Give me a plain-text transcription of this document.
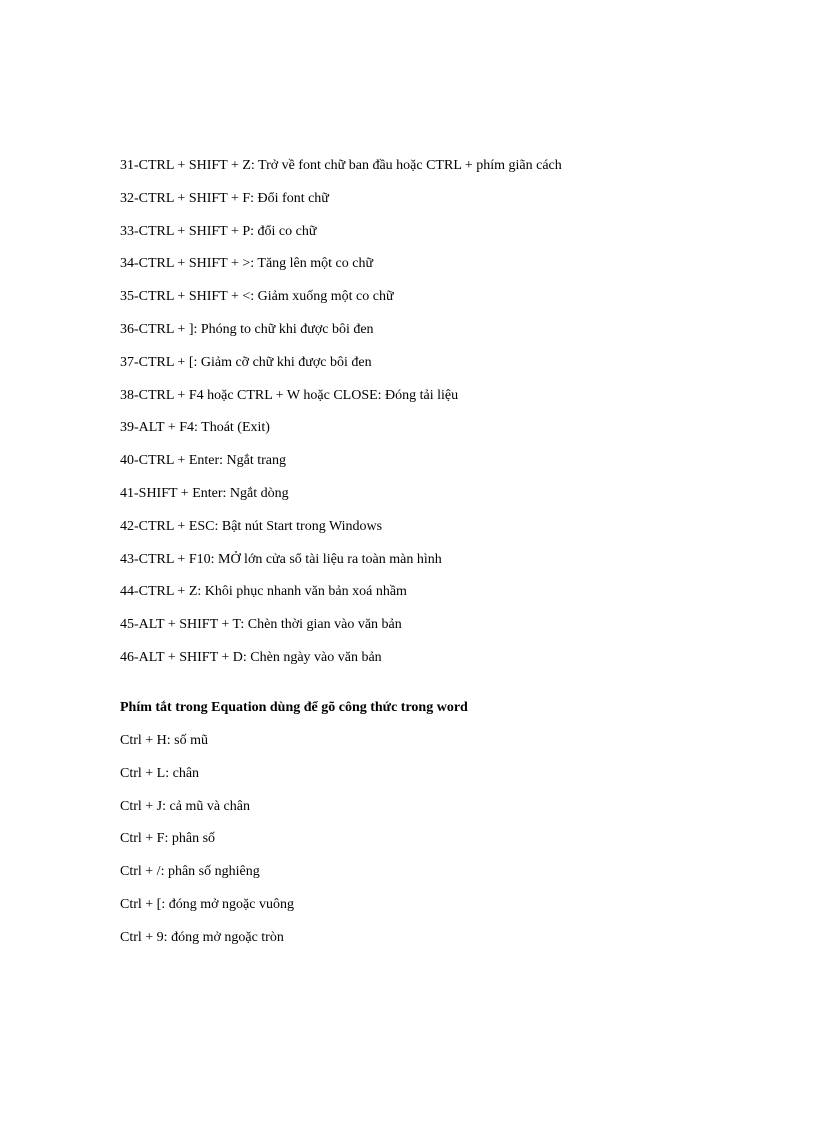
31-CTRL + SHIFT + Z: Trở về font chữ ban đầu hoặc CTRL + phím giãn cách
32-CTRL + SHIFT + F: Đổi font chữ
33-CTRL + SHIFT + P: đổi co chữ
34-CTRL + SHIFT + >: Tăng lên một co chữ
35-CTRL + SHIFT + <: Giảm xuống một co chữ
36-CTRL + ]: Phóng to chữ khi được bôi đen
37-CTRL + [: Giảm cỡ chữ khi được bôi đen
38-CTRL + F4 hoặc CTRL + W hoặc CLOSE: Đóng tải liệu
39-ALT + F4: Thoát (Exit)
40-CTRL + Enter: Ngắt trang
41-SHIFT + Enter: Ngắt dòng
42-CTRL + ESC: Bật nút Start trong Windows
43-CTRL + F10: MỞ lớn cửa sổ tài liệu ra toàn màn hình
44-CTRL + Z: Khôi phục nhanh văn bản xoá nhầm
45-ALT + SHIFT + T: Chèn thời gian vào văn bản
46-ALT + SHIFT + D: Chèn ngày vào văn bản
Phím tắt trong Equation dùng để gõ công thức trong word
Ctrl + H: số mũ
Ctrl + L: chân
Ctrl + J: cả mũ và chân
Ctrl + F: phân số
Ctrl + /: phân số nghiêng
Ctrl + [: đóng mở ngoặc vuông
Ctrl + 9: đóng mở ngoặc tròn
